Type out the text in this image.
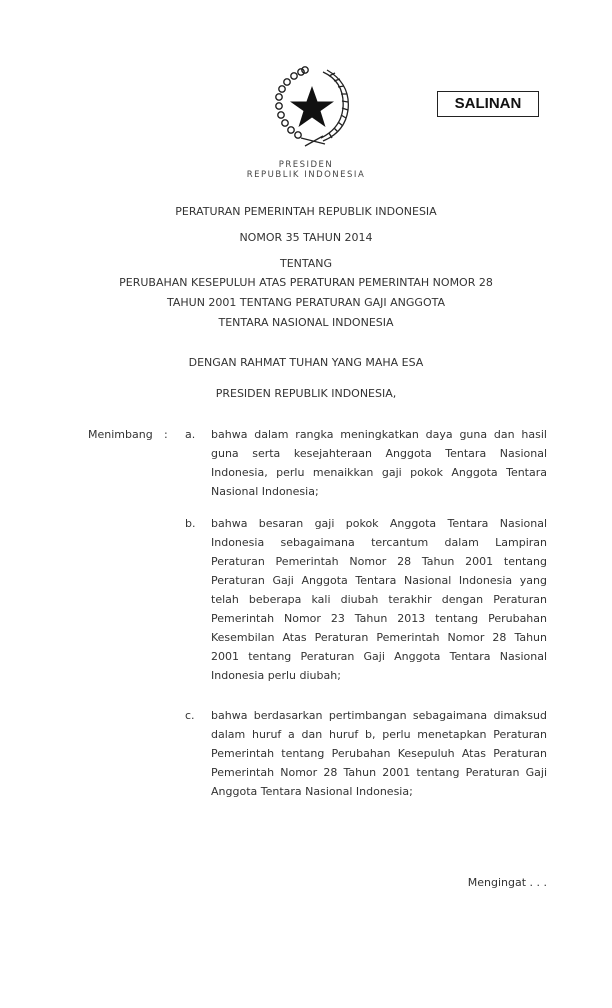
SALINAN
PRESIDEN
REPUBLIK INDONESIA
PERATURAN PEMERINTAH REPUBLIK INDONESIA
NOMOR 35 TAHUN 2014
TENTANG
PERUBAHAN KESEPULUH ATAS PERATURAN PEMERINTAH NOMOR 28
TAHUN 2001 TENTANG PERATURAN GAJI ANGGOTA
TENTARA NASIONAL INDONESIA
DENGAN RAHMAT TUHAN YANG MAHA ESA
PRESIDEN REPUBLIK INDONESIA,
Menimbang : a. bahwa dalam rangka meningkatkan daya guna dan hasil guna serta kesejahteraan Anggota Tentara Nasional Indonesia, perlu menaikkan gaji pokok Anggota Tentara Nasional Indonesia;
b. bahwa besaran gaji pokok Anggota Tentara Nasional Indonesia sebagaimana tercantum dalam Lampiran Peraturan Pemerintah Nomor 28 Tahun 2001 tentang Peraturan Gaji Anggota Tentara Nasional Indonesia yang telah beberapa kali diubah terakhir dengan Peraturan Pemerintah Nomor 23 Tahun 2013 tentang Perubahan Kesembilan Atas Peraturan Pemerintah Nomor 28 Tahun 2001 tentang Peraturan Gaji Anggota Tentara Nasional Indonesia perlu diubah;
c. bahwa berdasarkan pertimbangan sebagaimana dimaksud dalam huruf a dan huruf b, perlu menetapkan Peraturan Pemerintah tentang Perubahan Kesepuluh Atas Peraturan Pemerintah Nomor 28 Tahun 2001 tentang Peraturan Gaji Anggota Tentara Nasional Indonesia;
Mengingat . . .
